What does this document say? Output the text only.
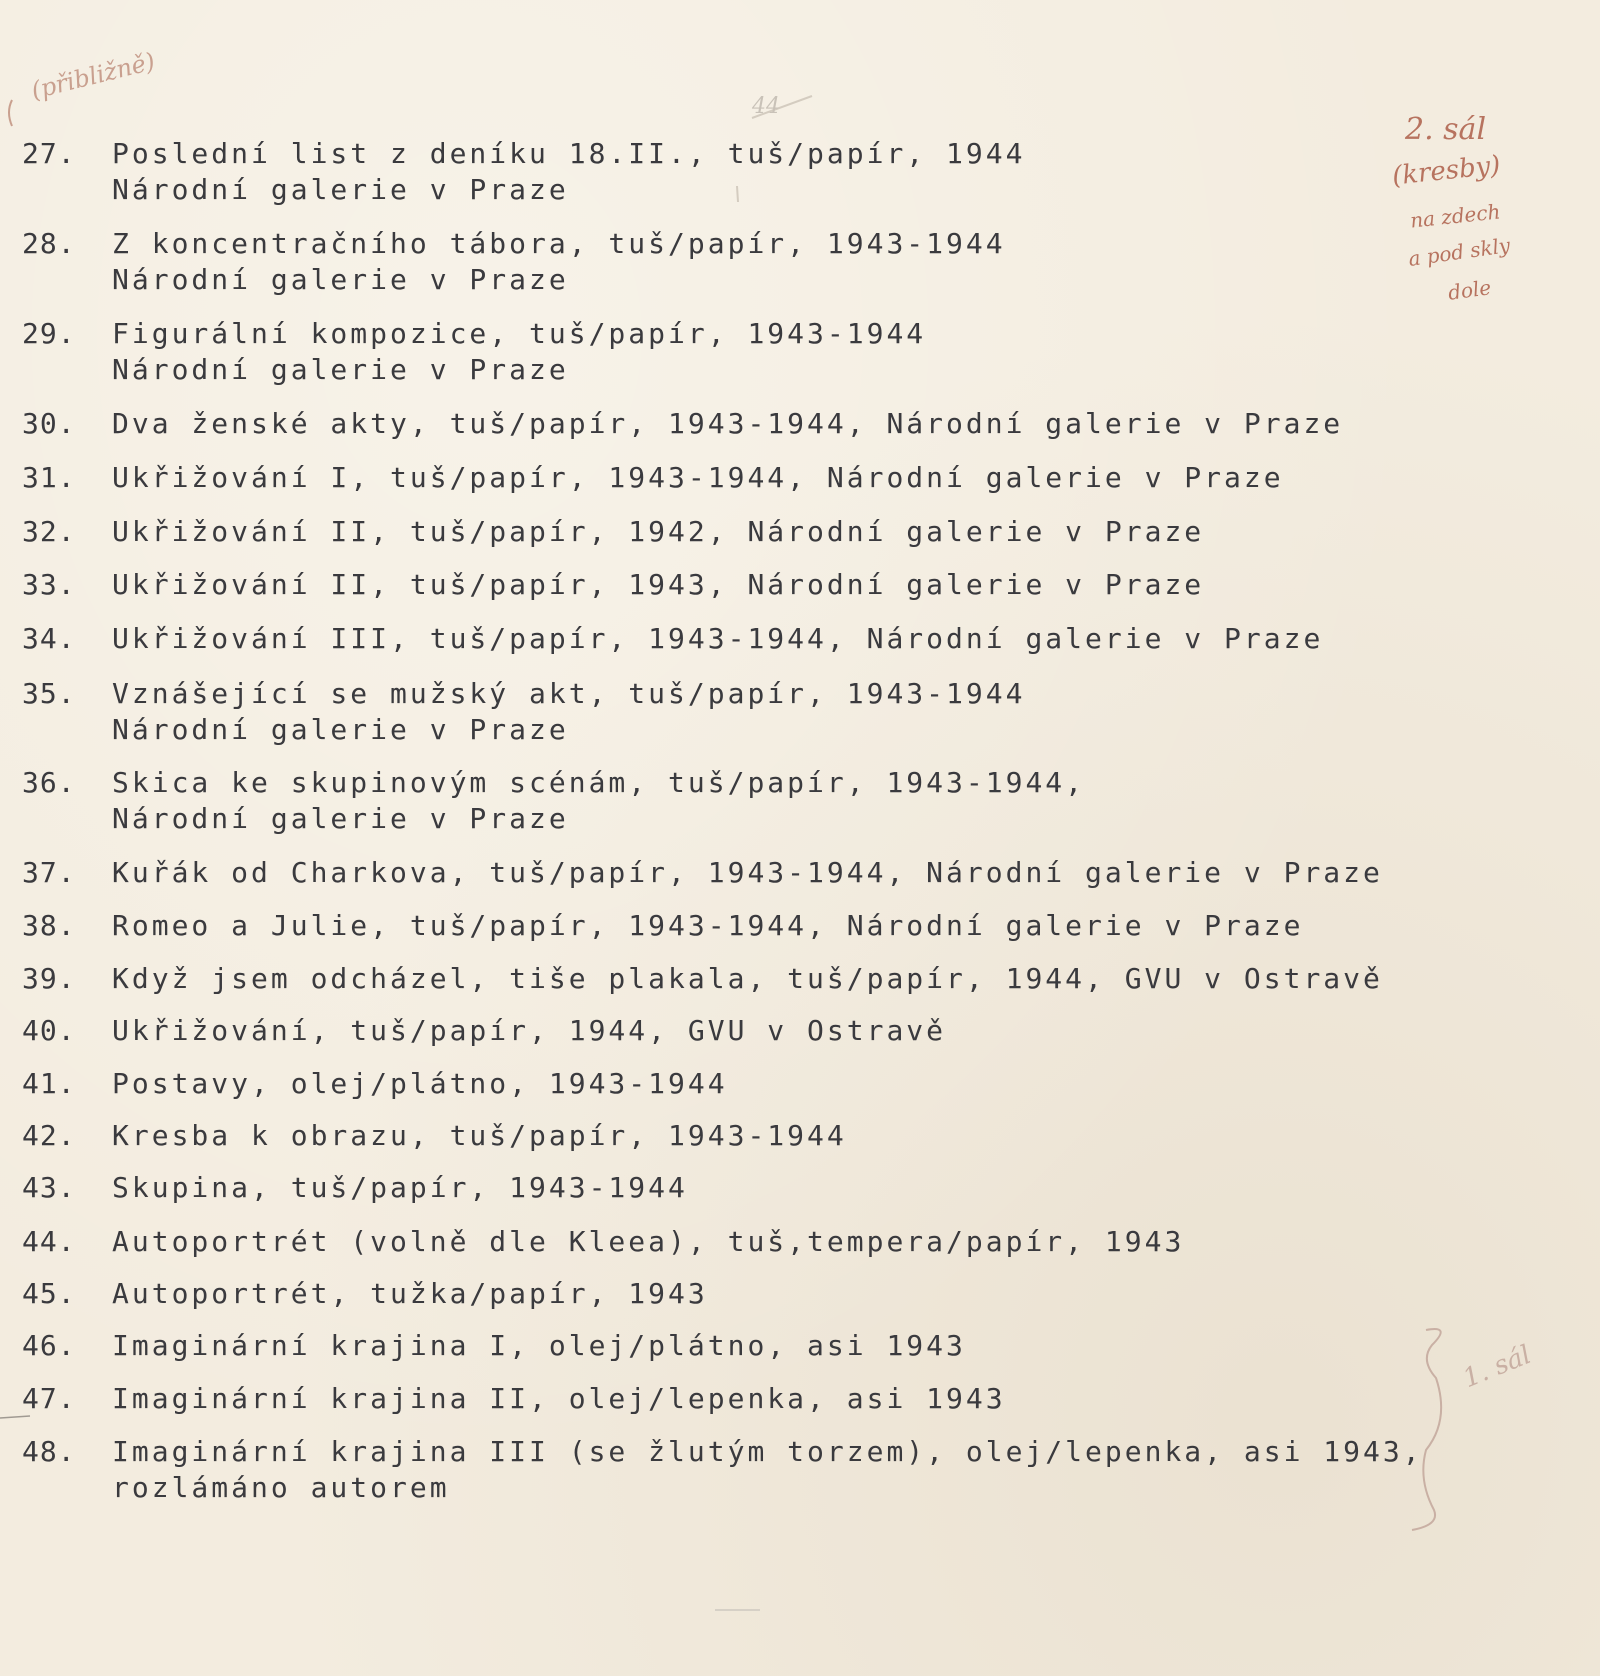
(přibližně)
44
2. sál
(kresby)
na zdech
a pod skly
dole
1. sál
27.	Poslední list z deníku 18.II., tuš/papír, 1944
Národní galerie v Praze
28.	Z koncentračního tábora, tuš/papír, 1943-1944
Národní galerie v Praze
29.	Figurální kompozice, tuš/papír, 1943-1944
Národní galerie v Praze
30.	Dva ženské akty, tuš/papír, 1943-1944, Národní galerie v Praze
31.	Ukřižování I, tuš/papír, 1943-1944, Národní galerie v Praze
32.	Ukřižování II, tuš/papír, 1942, Národní galerie v Praze
33.	Ukřižování II, tuš/papír, 1943, Národní galerie v Praze
34.	Ukřižování III, tuš/papír, 1943-1944, Národní galerie v Praze
35.	Vznášející se mužský akt, tuš/papír, 1943-1944
Národní galerie v Praze
36.	Skica ke skupinovým scénám, tuš/papír, 1943-1944,
Národní galerie v Praze
37.	Kuřák od Charkova, tuš/papír, 1943-1944, Národní galerie v Praze
38.	Romeo a Julie, tuš/papír, 1943-1944, Národní galerie v Praze
39.	Když jsem odcházel, tiše plakala, tuš/papír, 1944, GVU v Ostravě
40.	Ukřižování, tuš/papír, 1944, GVU v Ostravě
41.	Postavy, olej/plátno, 1943-1944
42.	Kresba k obrazu, tuš/papír, 1943-1944
43.	Skupina, tuš/papír, 1943-1944
44.	Autoportrét (volně dle Kleea), tuš,tempera/papír, 1943
45.	Autoportrét, tužka/papír, 1943
46.	Imaginární krajina I, olej/plátno, asi 1943
47.	Imaginární krajina II, olej/lepenka, asi 1943
48.	Imaginární krajina III (se žlutým torzem), olej/lepenka, asi 1943,
rozlámáno autorem
